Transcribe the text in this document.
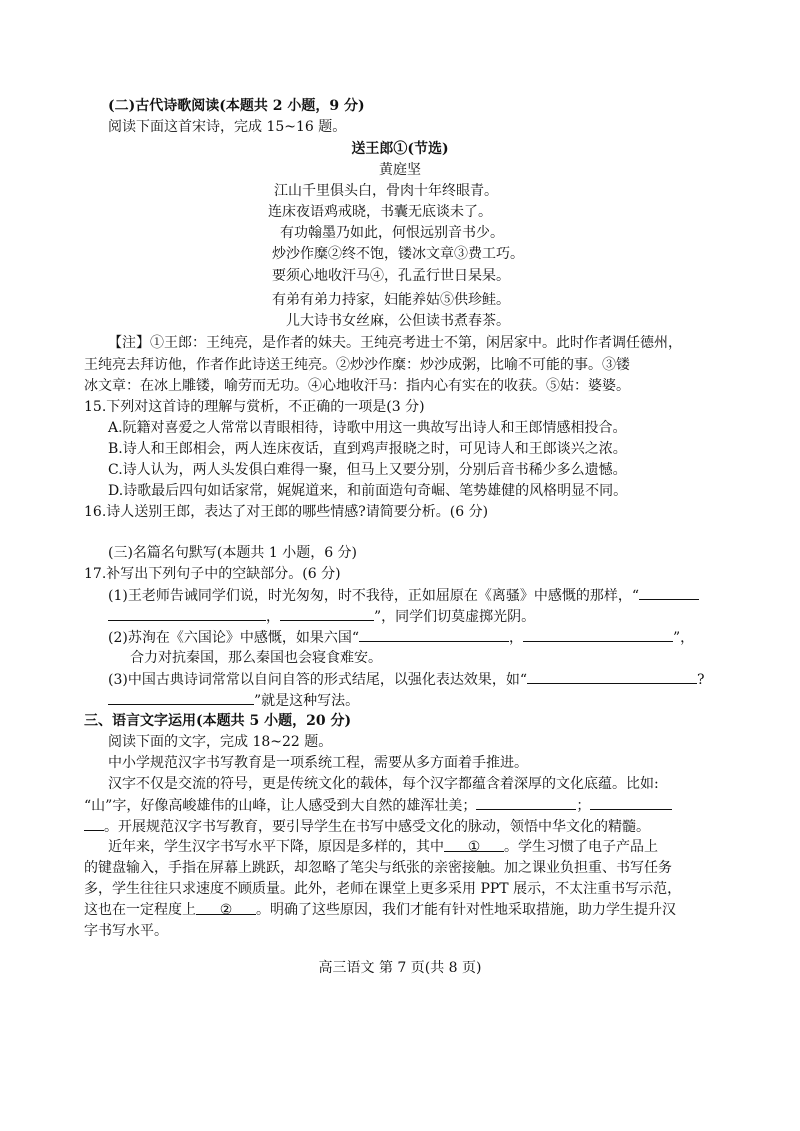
(二)古代诗歌阅读(本题共 2 小题，9 分)
阅读下面这首宋诗，完成 15~16 题。
送王郎①(节选)
黄庭坚
江山千里俱头白，骨肉十年终眼青。
连床夜语鸡戒晓，书囊无底谈未了。
有功翰墨乃如此，何恨远别音书少。
炒沙作糜②终不饱，镂冰文章③费工巧。
要须心地收汗马④，孔孟行世日杲杲。
有弟有弟力持家，妇能养姑⑤供珍鲑。
儿大诗书女丝麻，公但读书煮春茶。
【注】①王郎：王纯亮，是作者的妹夫。王纯亮考进士不第，闲居家中。此时作者调任德州，
王纯亮去拜访他，作者作此诗送王纯亮。②炒沙作糜：炒沙成粥，比喻不可能的事。③镂
冰文章：在冰上雕镂，喻劳而无功。④心地收汗马：指内心有实在的收获。⑤姑：婆婆。
15.下列对这首诗的理解与赏析，不正确的一项是(3 分)
A.阮籍对喜爱之人常常以青眼相待，诗歌中用这一典故写出诗人和王郎情感相投合。
B.诗人和王郎相会，两人连床夜话，直到鸡声报晓之时，可见诗人和王郎谈兴之浓。
C.诗人认为，两人头发俱白难得一聚，但马上又要分别，分别后音书稀少多么遗憾。
D.诗歌最后四句如话家常，娓娓道来，和前面造句奇崛、笔势雄健的风格明显不同。
16.诗人送别王郎，表达了对王郎的哪些情感?请简要分析。(6 分)
(三)名篇名句默写(本题共 1 小题，6 分)
17.补写出下列句子中的空缺部分。(6 分)
(1)王老师告诫同学们说，时光匆匆，时不我待，正如屈原在《离骚》中感慨的那样，“
，	”，同学们切莫虚掷光阴。
(2)苏洵在《六国论》中感慨，如果六国“	，	”，
合力对抗秦国，那么秦国也会寝食难安。
(3)中国古典诗词常常以自问自答的形式结尾，以强化表达效果，如“	?
”就是这种写法。
三、语言文字运用(本题共 5 小题，20 分)
阅读下面的文字，完成 18~22 题。
中小学规范汉字书写教育是一项系统工程，需要从多方面着手推进。
汉字不仅是交流的符号，更是传统文化的载体，每个汉字都蕴含着深厚的文化底蕴。比如:
“山”字，好像高峻雄伟的山峰，让人感受到大自然的雄浑壮美；	；
。开展规范汉字书写教育，要引导学生在书写中感受文化的脉动，领悟中华文化的精髓。
近年来，学生汉字书写水平下降，原因是多样的，其中 ① 。学生习惯了电子产品上
的键盘输入，手指在屏幕上跳跃，却忽略了笔尖与纸张的亲密接触。加之课业负担重、书写任务
多，学生往往只求速度不顾质量。此外，老师在课堂上更多采用 PPT 展示，不太注重书写示范，
这也在一定程度上 ② 。明确了这些原因，我们才能有针对性地采取措施，助力学生提升汉
字书写水平。
高三语文 第 7 页(共 8 页)
